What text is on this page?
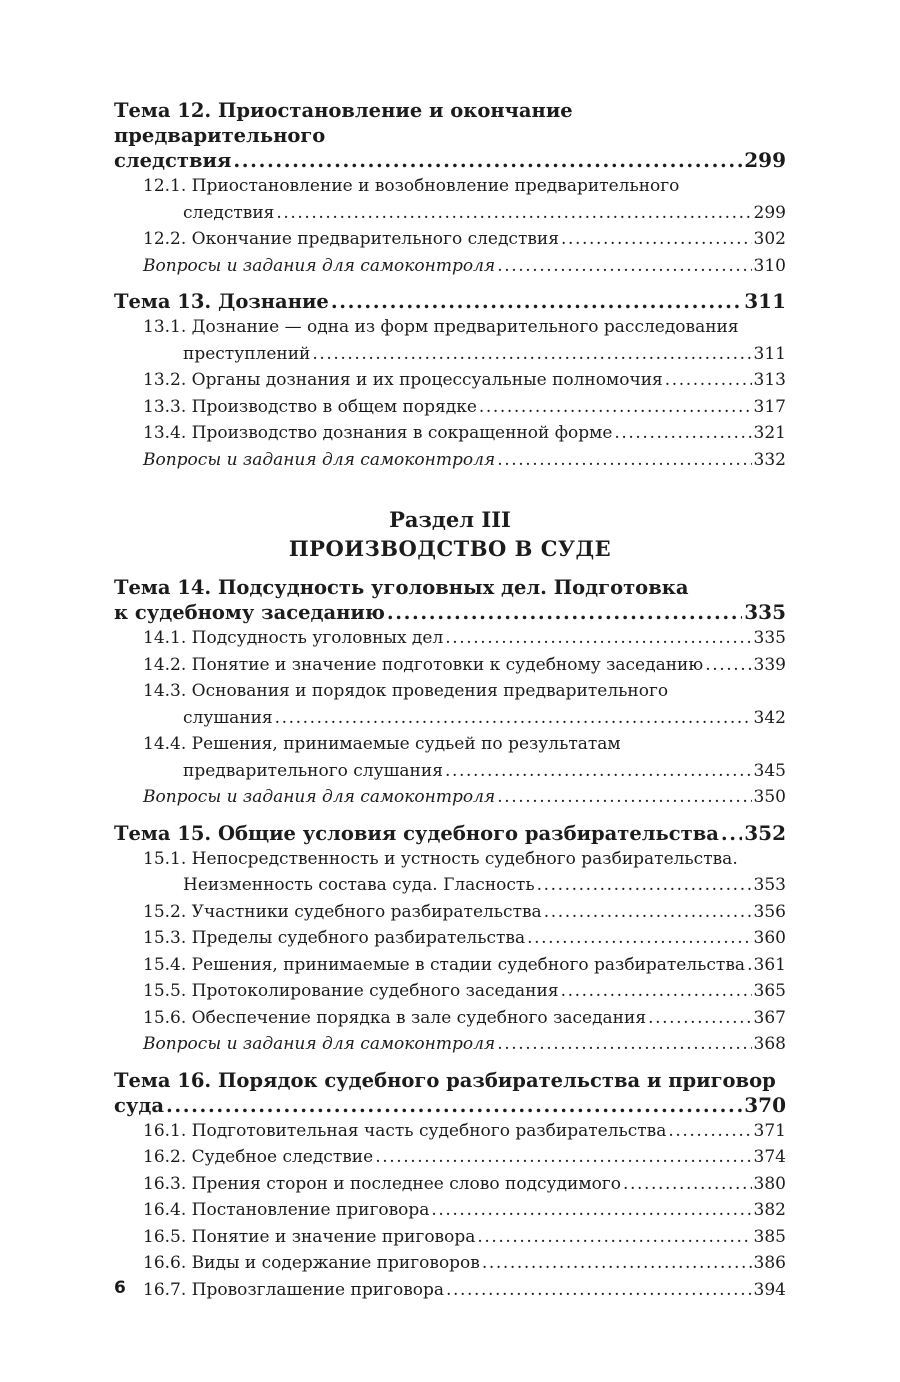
Тема 12. Приостановление и окончание предварительного
следствия .....	299
12.1. Приостановление и возобновление предварительного
следствия .....	299
12.2. Окончание предварительного следствия .....	302
Вопросы и задания для самоконтроля .....	310
Тема 13. Дознание .....	311
13.1. Дознание — одна из форм предварительного расследования
преступлений .....	311
13.2. Органы дознания и их процессуальные полномочия .....	313
13.3. Производство в общем порядке .....	317
13.4. Производство дознания в сокращенной форме .....	321
Вопросы и задания для самоконтроля .....	332
Раздел III
ПРОИЗВОДСТВО В СУДЕ
Тема 14. Подсудность уголовных дел. Подготовка
к судебному заседанию .....	335
14.1. Подсудность уголовных дел .....	335
14.2. Понятие и значение подготовки к судебному заседанию .....	339
14.3. Основания и порядок проведения предварительного
слушания .....	342
14.4. Решения, принимаемые судьей по результатам
предварительного слушания .....	345
Вопросы и задания для самоконтроля .....	350
Тема 15. Общие условия судебного разбирательства ..... 352
15.1. Непосредственность и устность судебного разбирательства.
Неизменность состава суда. Гласность .....	353
15.2. Участники судебного разбирательства .....	356
15.3. Пределы судебного разбирательства .....	360
15.4. Решения, принимаемые в стадии судебного разбирательства ..... 361
15.5. Протоколирование судебного заседания .....	365
15.6. Обеспечение порядка в зале судебного заседания .....	367
Вопросы и задания для самоконтроля .....	368
Тема 16. Порядок судебного разбирательства и приговор
суда .....	370
16.1. Подготовительная часть судебного разбирательства .....	371
16.2. Судебное следствие .....	374
16.3. Прения сторон и последнее слово подсудимого .....	380
16.4. Постановление приговора .....	382
16.5. Понятие и значение приговора .....	385
16.6. Виды и содержание приговоров .....	386
16.7. Провозглашение приговора .....	394
6
